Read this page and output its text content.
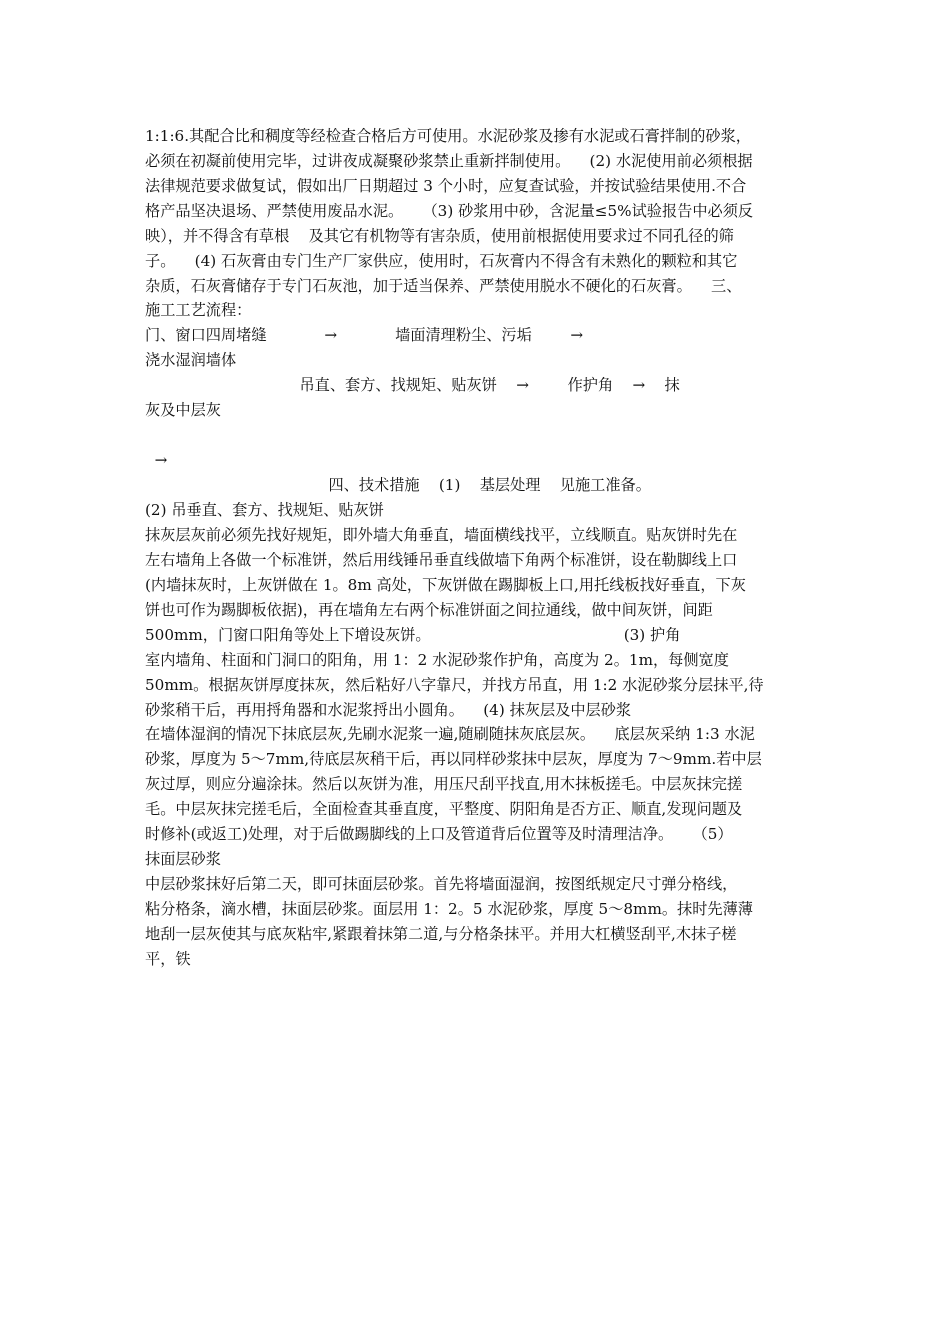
1:1:6.其配合比和稠度等经检查合格后方可使用。水泥砂浆及掺有水泥或石膏拌制的砂浆，
必须在初凝前使用完毕，过讲夜成凝聚砂浆禁止重新拌制使用。    (2) 水泥使用前必须根据
法律规范要求做复试，假如出厂日期超过 3 个小时，应复查试验，并按试验结果使用.不合
格产品坚决退场、严禁使用废品水泥。    （3) 砂浆用中砂，含泥量≤5%试验报告中必须反
映），并不得含有草根    及其它有机物等有害杂质，使用前根据使用要求过不同孔径的筛
子。    (4) 石灰膏由专门生产厂家供应，使用时，石灰膏内不得含有未熟化的颗粒和其它
杂质，石灰膏储存于专门石灰池，加于适当保养、严禁使用脱水不硬化的石灰膏。    三、
施工工艺流程：
门、窗口四周堵缝            →            墙面清理粉尘、污垢        →
浇水湿润墙体
吊直、套方、找规矩、贴灰饼    →        作护角    →    抹
灰及中层灰
→
四、技术措施    (1)    基层处理    见施工准备。
(2) 吊垂直、套方、找规矩、贴灰饼
抹灰层灰前必须先找好规矩，即外墙大角垂直，墙面横线找平，立线顺直。贴灰饼时先在
左右墙角上各做一个标准饼，然后用线锤吊垂直线做墙下角两个标准饼，设在勒脚线上口
(内墙抹灰时，上灰饼做在 1。8m 高处，下灰饼做在踢脚板上口,用托线板找好垂直，下灰
饼也可作为踢脚板依据)，再在墙角左右两个标准饼面之间拉通线，做中间灰饼，间距
500mm，门窗口阳角等处上下增设灰饼。                                        (3) 护角
室内墙角、柱面和门洞口的阳角，用 1：2 水泥砂浆作护角，高度为 2。1m，每侧宽度
50mm。根据灰饼厚度抹灰，然后粘好八字靠尺，并找方吊直，用 1:2 水泥砂浆分层抹平,待
砂浆稍干后，再用捋角器和水泥浆捋出小圆角。    (4) 抹灰层及中层砂浆
在墙体湿润的情况下抹底层灰,先刷水泥浆一遍,随刷随抹灰底层灰。    底层灰采纳 1:3 水泥
砂浆，厚度为 5～7mm,待底层灰稍干后，再以同样砂浆抹中层灰，厚度为 7～9mm.若中层
灰过厚，则应分遍涂抹。然后以灰饼为准，用压尺刮平找直,用木抹板搓毛。中层灰抹完搓
毛。中层灰抹完搓毛后，全面检查其垂直度，平整度、阴阳角是否方正、顺直,发现问题及
时修补(或返工)处理，对于后做踢脚线的上口及管道背后位置等及时清理洁净。    （5）
抹面层砂浆
中层砂浆抹好后第二天，即可抹面层砂浆。首先将墙面湿润，按图纸规定尺寸弹分格线，
粘分格条，滴水槽，抹面层砂浆。面层用 1：2。5 水泥砂浆，厚度 5～8mm。抹时先薄薄
地刮一层灰使其与底灰粘牢,紧跟着抹第二道,与分格条抹平。并用大杠横竖刮平,木抹子槎
平，铁
